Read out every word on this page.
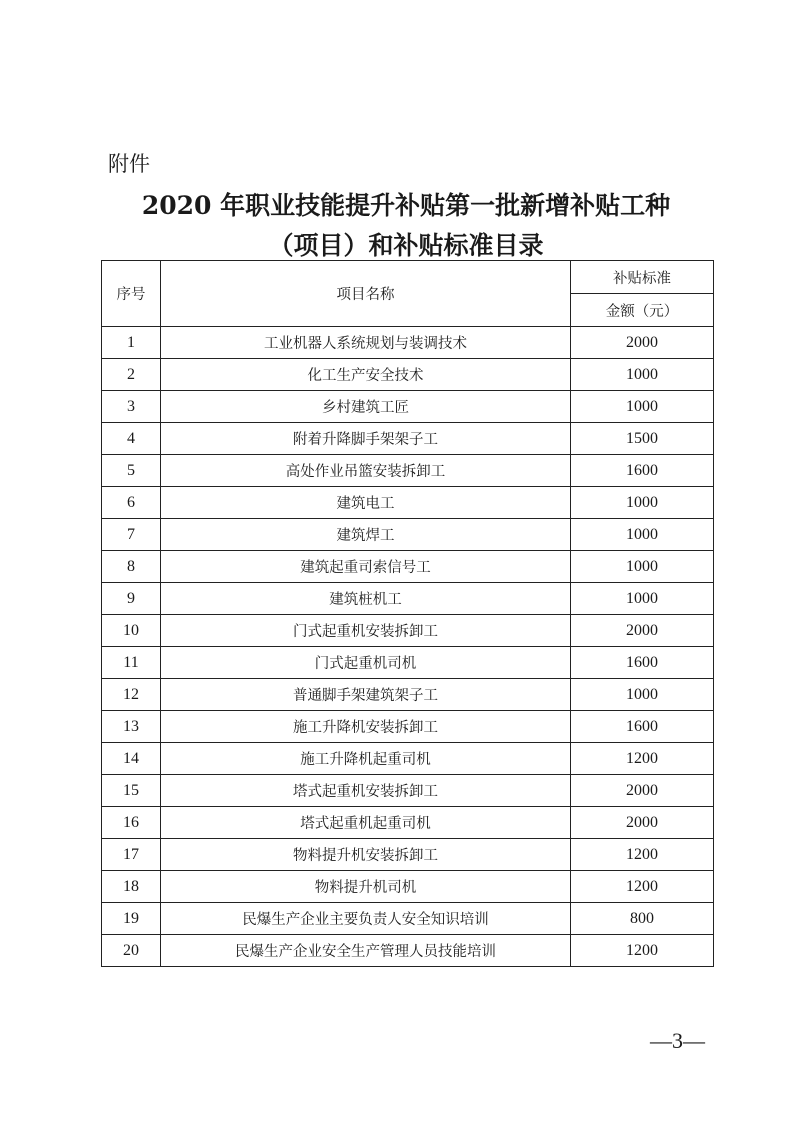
附件
2020 年职业技能提升补贴第一批新增补贴工种
（项目）和补贴标准目录
序号	项目名称	补贴标准
		金额（元）
1	工业机器人系统规划与装调技术	2000
2	化工生产安全技术	1000
3	乡村建筑工匠	1000
4	附着升降脚手架架子工	1500
5	高处作业吊篮安装拆卸工	1600
6	建筑电工	1000
7	建筑焊工	1000
8	建筑起重司索信号工	1000
9	建筑桩机工	1000
10	门式起重机安装拆卸工	2000
11	门式起重机司机	1600
12	普通脚手架建筑架子工	1000
13	施工升降机安装拆卸工	1600
14	施工升降机起重司机	1200
15	塔式起重机安装拆卸工	2000
16	塔式起重机起重司机	2000
17	物料提升机安装拆卸工	1200
18	物料提升机司机	1200
19	民爆生产企业主要负责人安全知识培训	800
20	民爆生产企业安全生产管理人员技能培训	1200
—3—
